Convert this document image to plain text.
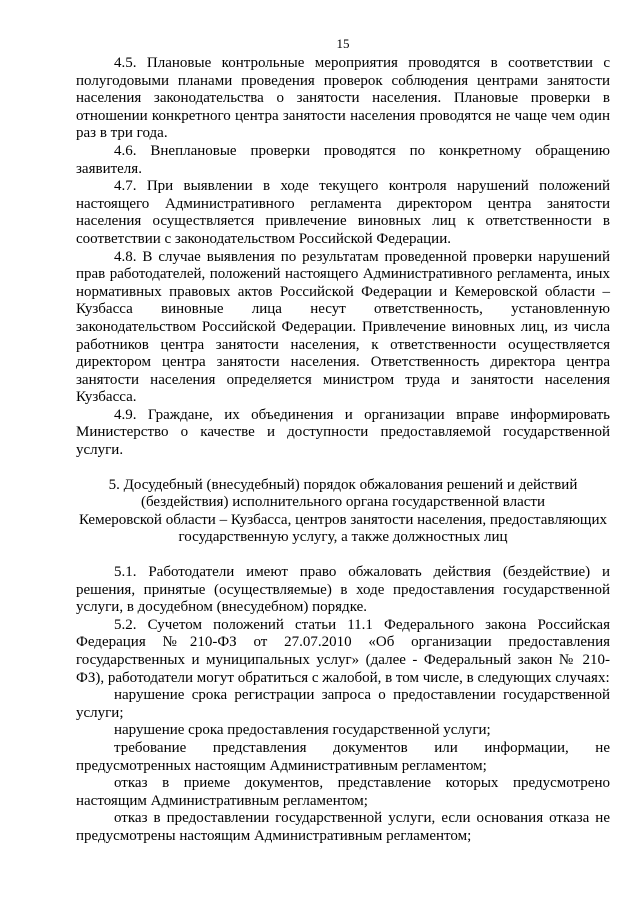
15

4.5. Плановые контрольные мероприятия проводятся в соответствии с полугодовыми планами проведения проверок соблюдения центрами занятости населения законодательства о занятости населения. Плановые проверки в отношении конкретного центра занятости населения проводятся не чаще чем один раз в три года.

4.6. Внеплановые проверки проводятся по конкретному обращению заявителя.

4.7. При выявлении в ходе текущего контроля нарушений положений настоящего Административного регламента директором центра занятости населения осуществляется привлечение виновных лиц к ответственности в соответствии с законодательством Российской Федерации.

4.8. В случае выявления по результатам проведенной проверки нарушений прав работодателей, положений настоящего Административного регламента, иных нормативных правовых актов Российской Федерации и Кемеровской области – Кузбасса виновные лица несут ответственность, установленную законодательством Российской Федерации. Привлечение виновных лиц, из числа работников центра занятости населения, к ответственности осуществляется директором центра занятости населения. Ответственность директора центра занятости населения определяется министром труда и занятости населения Кузбасса.

4.9. Граждане, их объединения и организации вправе информировать Министерство о качестве и доступности предоставляемой государственной услуги.

5. Досудебный (внесудебный) порядок обжалования решений и действий
(бездействия) исполнительного органа государственной власти
Кемеровской области – Кузбасса, центров занятости населения, предоставляющих
государственную услугу, а также должностных лиц

5.1. Работодатели имеют право обжаловать действия (бездействие) и решения, принятые (осуществляемые) в ходе предоставления государственной услуги, в досудебном (внесудебном) порядке.

5.2. Сучетом положений статьи 11.1 Федерального закона Российская Федерация №210-ФЗ от 27.07.2010 «Об организации предоставления государственных и муниципальных услуг» (далее - Федеральный закон № 210-ФЗ), работодатели могут обратиться с жалобой, в том числе, в следующих случаях:

нарушение срока регистрации запроса о предоставлении государственной услуги;

нарушение срока предоставления государственной услуги;

требование представления документов или информации, не предусмотренных настоящим Административным регламентом;

отказ в приеме документов, представление которых предусмотрено настоящим Административным регламентом;

отказ в предоставлении государственной услуги, если основания отказа не предусмотрены настоящим Административным регламентом;
